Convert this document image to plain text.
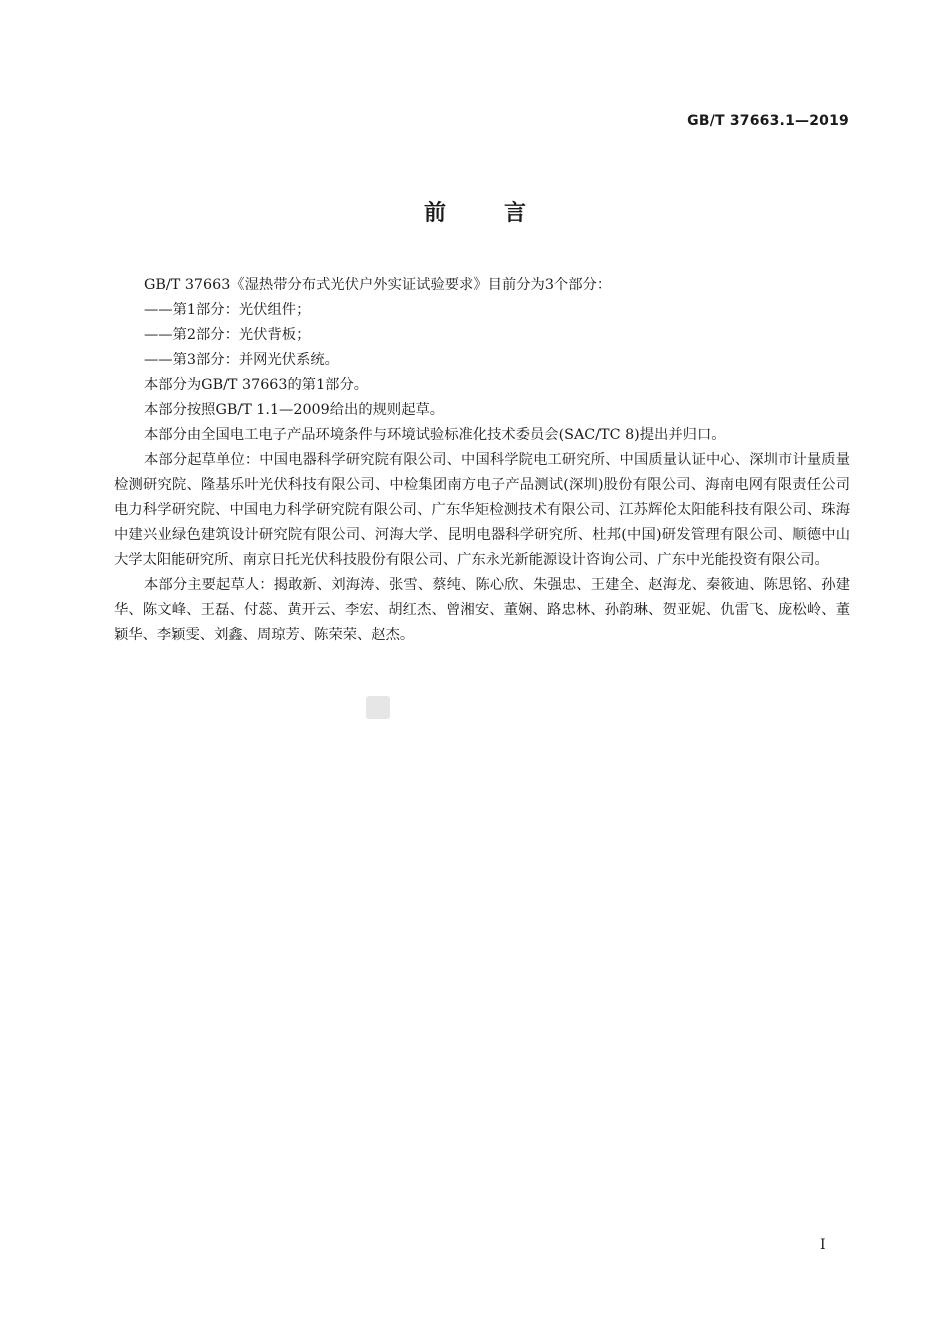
GB/T 37663.1—2019
前言

GB/T 37663《湿热带分布式光伏户外实证试验要求》目前分为3个部分：

——第1部分：光伏组件；

——第2部分：光伏背板；

——第3部分：并网光伏系统。

本部分为GB/T 37663的第1部分。

本部分按照GB/T 1.1—2009给出的规则起草。

本部分由全国电工电子产品环境条件与环境试验标准化技术委员会(SAC/TC 8)提出并归口。

本部分起草单位：中国电器科学研究院有限公司、中国科学院电工研究所、中国质量认证中心、深圳市计量质量检测研究院、隆基乐叶光伏科技有限公司、中检集团南方电子产品测试(深圳)股份有限公司、海南电网有限责任公司电力科学研究院、中国电力科学研究院有限公司、广东华矩检测技术有限公司、江苏辉伦太阳能科技有限公司、珠海中建兴业绿色建筑设计研究院有限公司、河海大学、昆明电器科学研究所、杜邦(中国)研发管理有限公司、顺德中山大学太阳能研究所、南京日托光伏科技股份有限公司、广东永光新能源设计咨询公司、广东中光能投资有限公司。

本部分主要起草人：揭敢新、刘海涛、张雪、蔡纯、陈心欣、朱强忠、王建全、赵海龙、秦筱迪、陈思铭、孙建华、陈文峰、王磊、付蕊、黄开云、李宏、胡红杰、曾湘安、董娴、路忠林、孙韵琳、贺亚妮、仇雷飞、庞松岭、董颖华、李颖雯、刘鑫、周琼芳、陈荣荣、赵杰。

I
